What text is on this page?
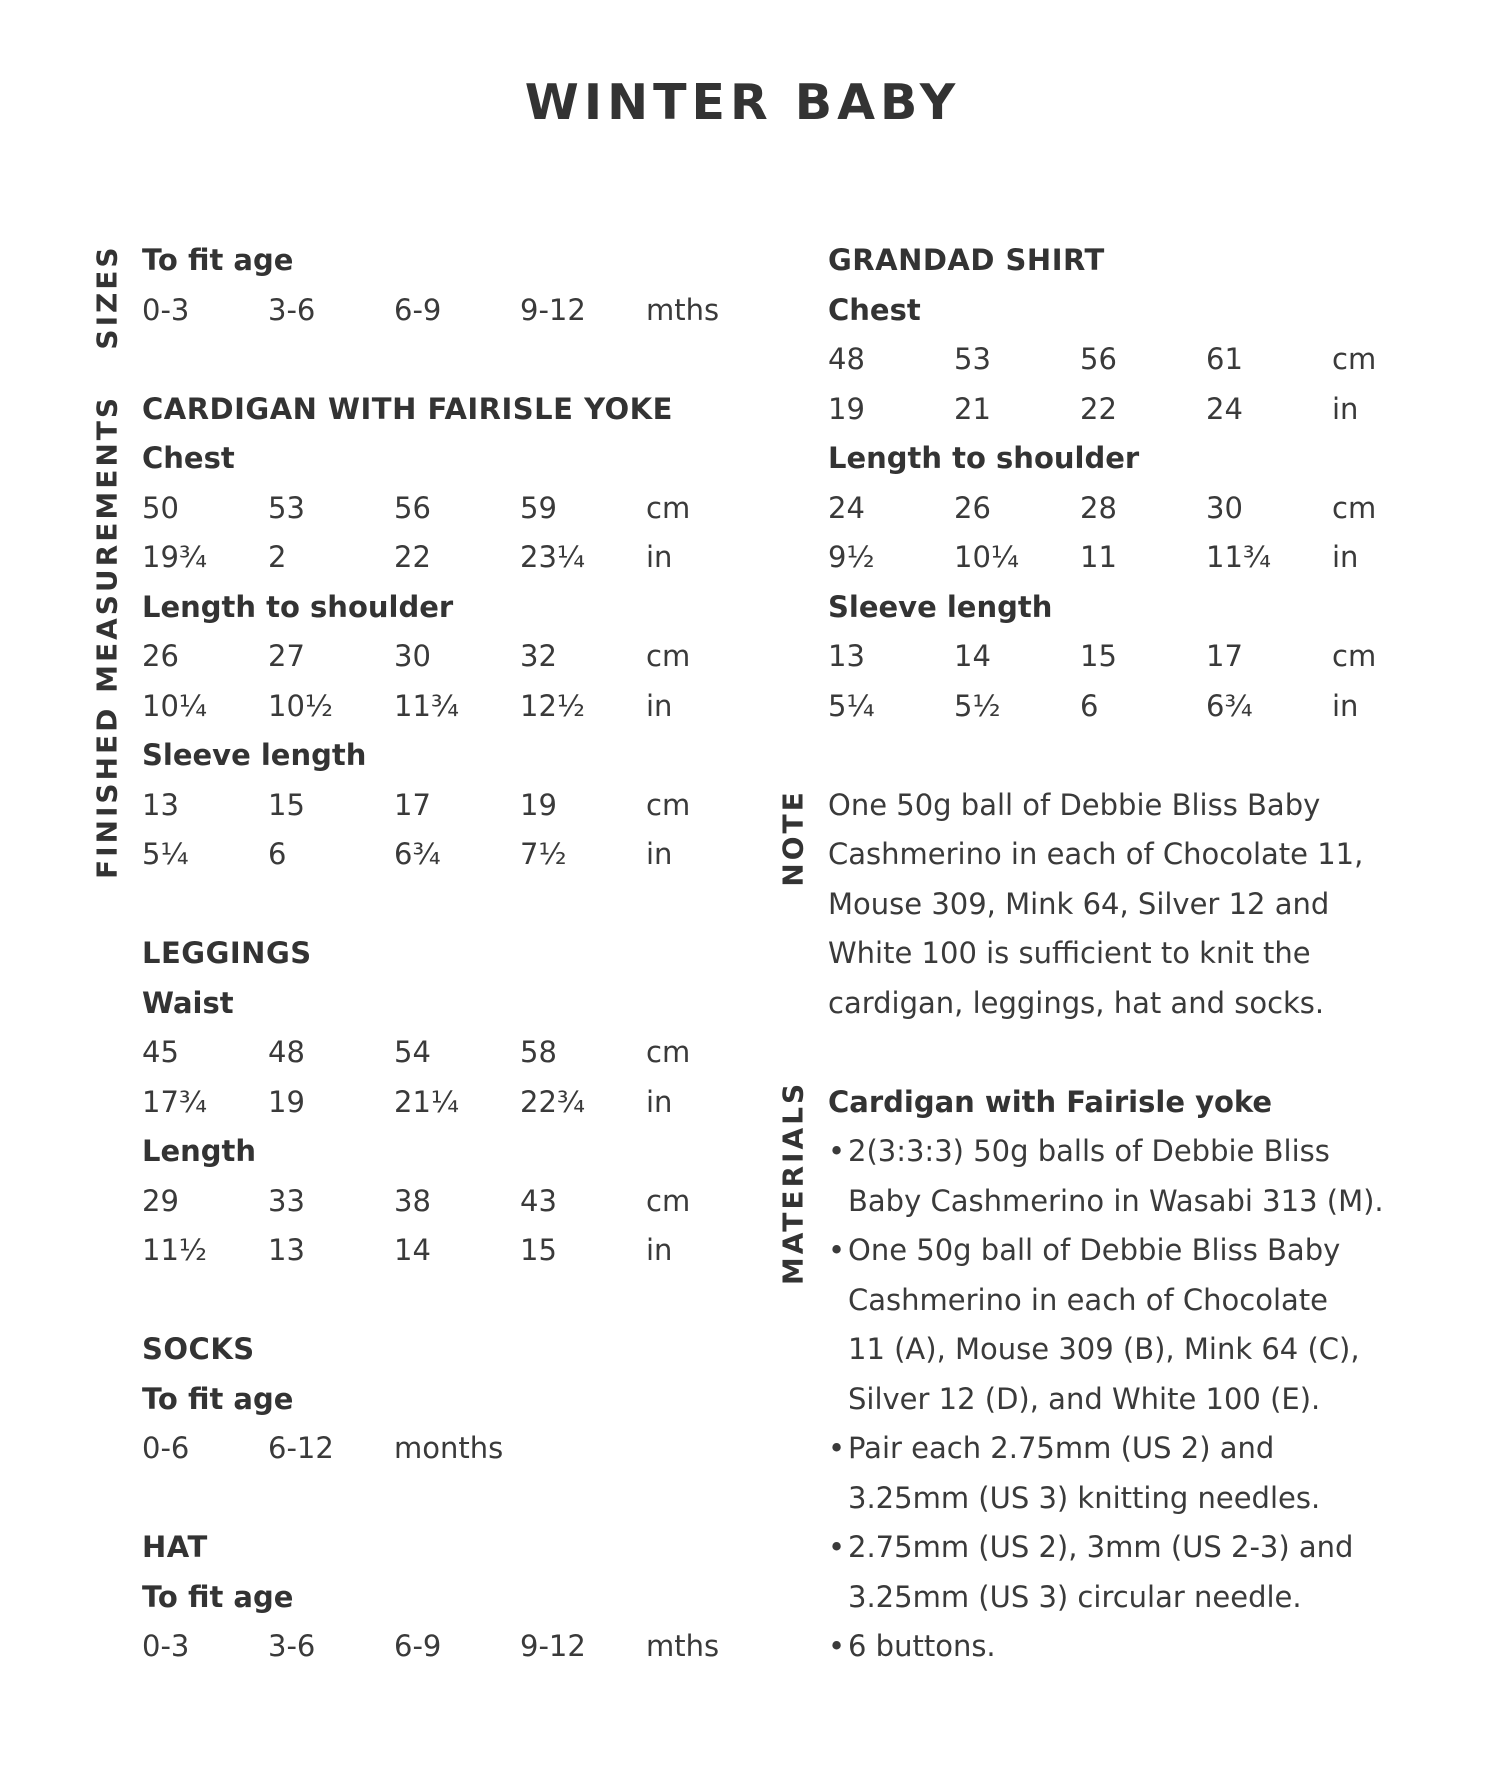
WINTER BABY
SIZES
FINISHED MEASUREMENTS	NOTE
MATERIALS
To fit age
0-3	3-6	6-9	9-12	mths
CARDIGAN WITH FAIRISLE YOKE
Chest
50	53	56	59	cm
19¾	2	22	23¼	in
Length to shoulder
26	27	30	32	cm
10¼	10½	11¾	12½	in
Sleeve length
13	15	17	19	cm
5¼	6	6¾	7½	in
LEGGINGS
Waist
45	48	54	58	cm
17¾	19	21¼	22¾	in
Length
29	33	38	43	cm
11½	13	14	15	in
SOCKS
To fit age
0-6	6-12	months
HAT
To fit age
0-3	3-6	6-9	9-12	mths
GRANDAD SHIRT
Chest
48	53	56	61	cm
19	21	22	24	in
Length to shoulder
24	26	28	30	cm
9½	10¼	11	11¾	in
Sleeve length
13	14	15	17	cm
5¼	5½	6	6¾	in
One 50g ball of Debbie Bliss Baby
Cashmerino in each of Chocolate 11,
Mouse 309, Mink 64, Silver 12 and
White 100 is sufficient to knit the
cardigan, leggings, hat and socks.
Cardigan with Fairisle yoke
• 2(3:3:3) 50g balls of Debbie Bliss
Baby Cashmerino in Wasabi 313 (M).
• One 50g ball of Debbie Bliss Baby
Cashmerino in each of Chocolate
11 (A), Mouse 309 (B), Mink 64 (C),
Silver 12 (D), and White 100 (E).
• Pair each 2.75mm (US 2) and
3.25mm (US 3) knitting needles.
• 2.75mm (US 2), 3mm (US 2-3) and
3.25mm (US 3) circular needle.
• 6 buttons.
